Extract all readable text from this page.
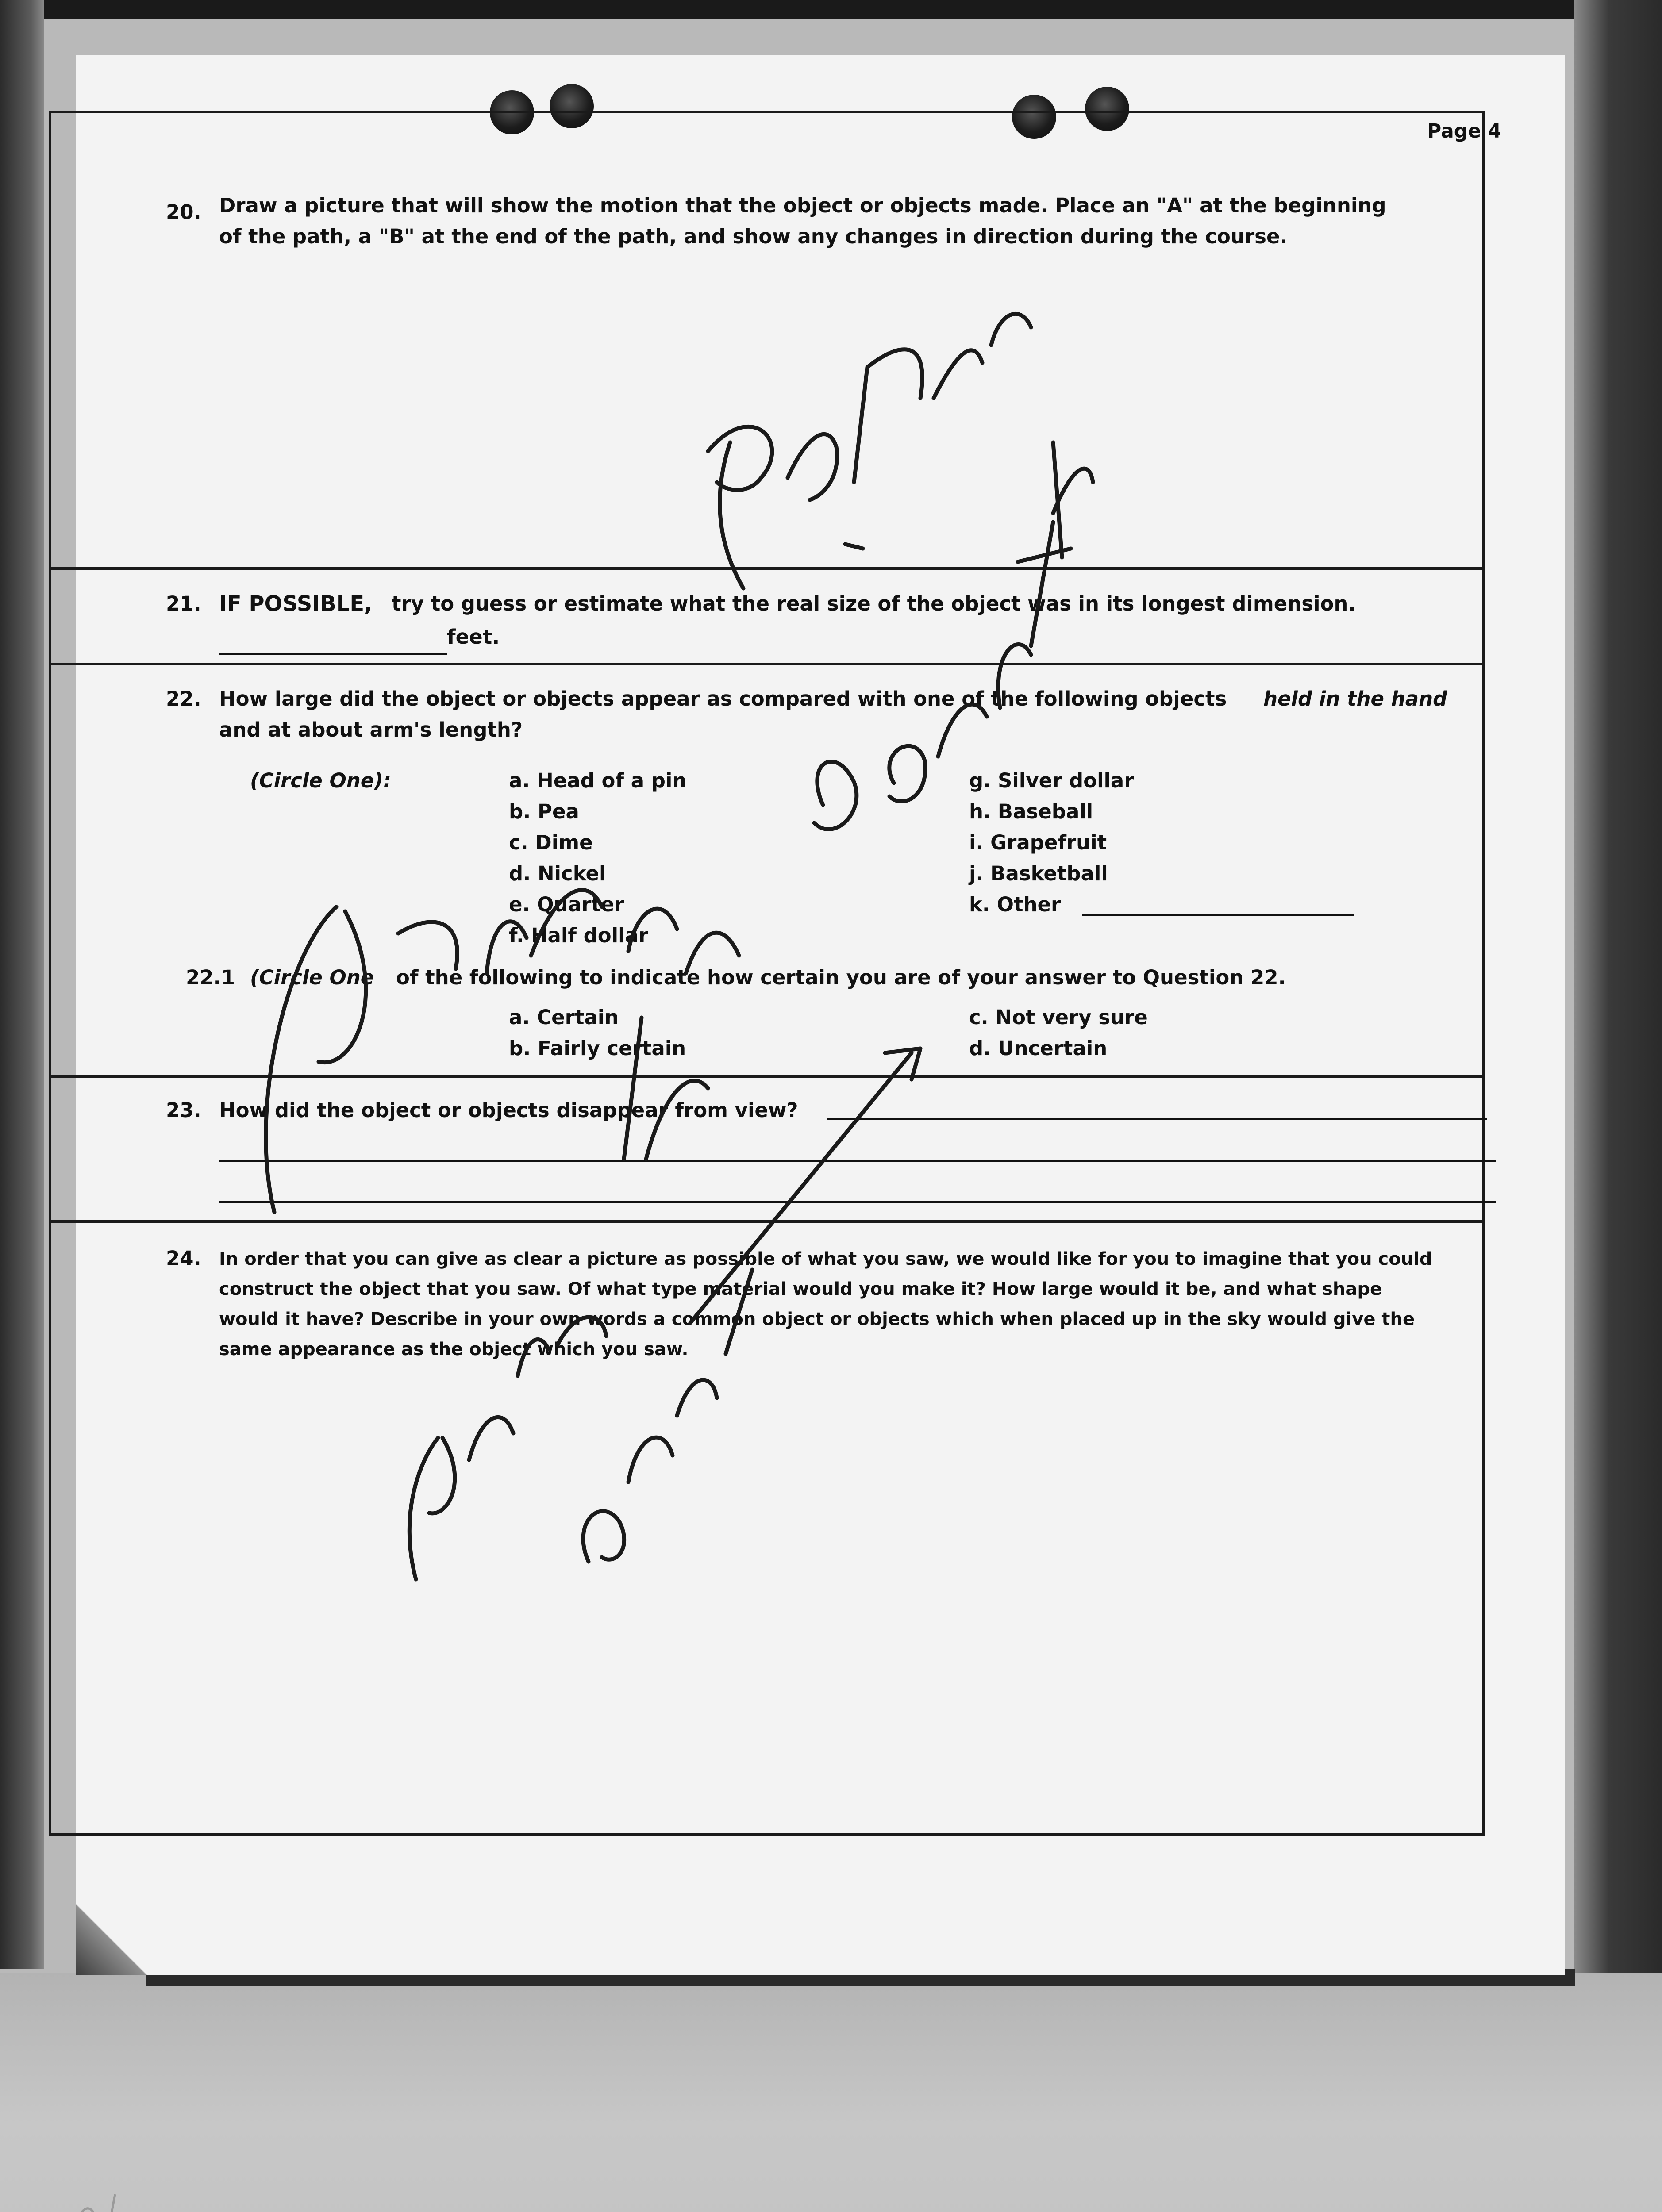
Page 4
20. Draw a picture that will show the motion that the object or objects made. Place an "A" at the beginning
of the path, a "B" at the end of the path, and show any changes in direction during the course.
21. IF POSSIBLE, try to guess or estimate what the real size of the object was in its longest dimension.
feet.
22. How large did the object or objects appear as compared with one of the following objects held in the hand
and at about arm's length?
(Circle One):	a. Head of a pin
b. Pea
c. Dime
d. Nickel
e. Quarter
f. Half dollar
g. Silver dollar
h. Baseball
i. Grapefruit
j. Basketball
k. Other
22.1 (Circle One of the following to indicate how certain you are of your answer to Question 22.
a. Certain
b. Fairly certain
c. Not very sure
d. Uncertain
23. How did the object or objects disappear from view?
24. In order that you can give as clear a picture as possible of what you saw, we would like for you to imagine that you could
construct the object that you saw. Of what type material would you make it? How large would it be, and what shape
would it have? Describe in your own words a common object or objects which when placed up in the sky would give the
same appearance as the object which you saw.
